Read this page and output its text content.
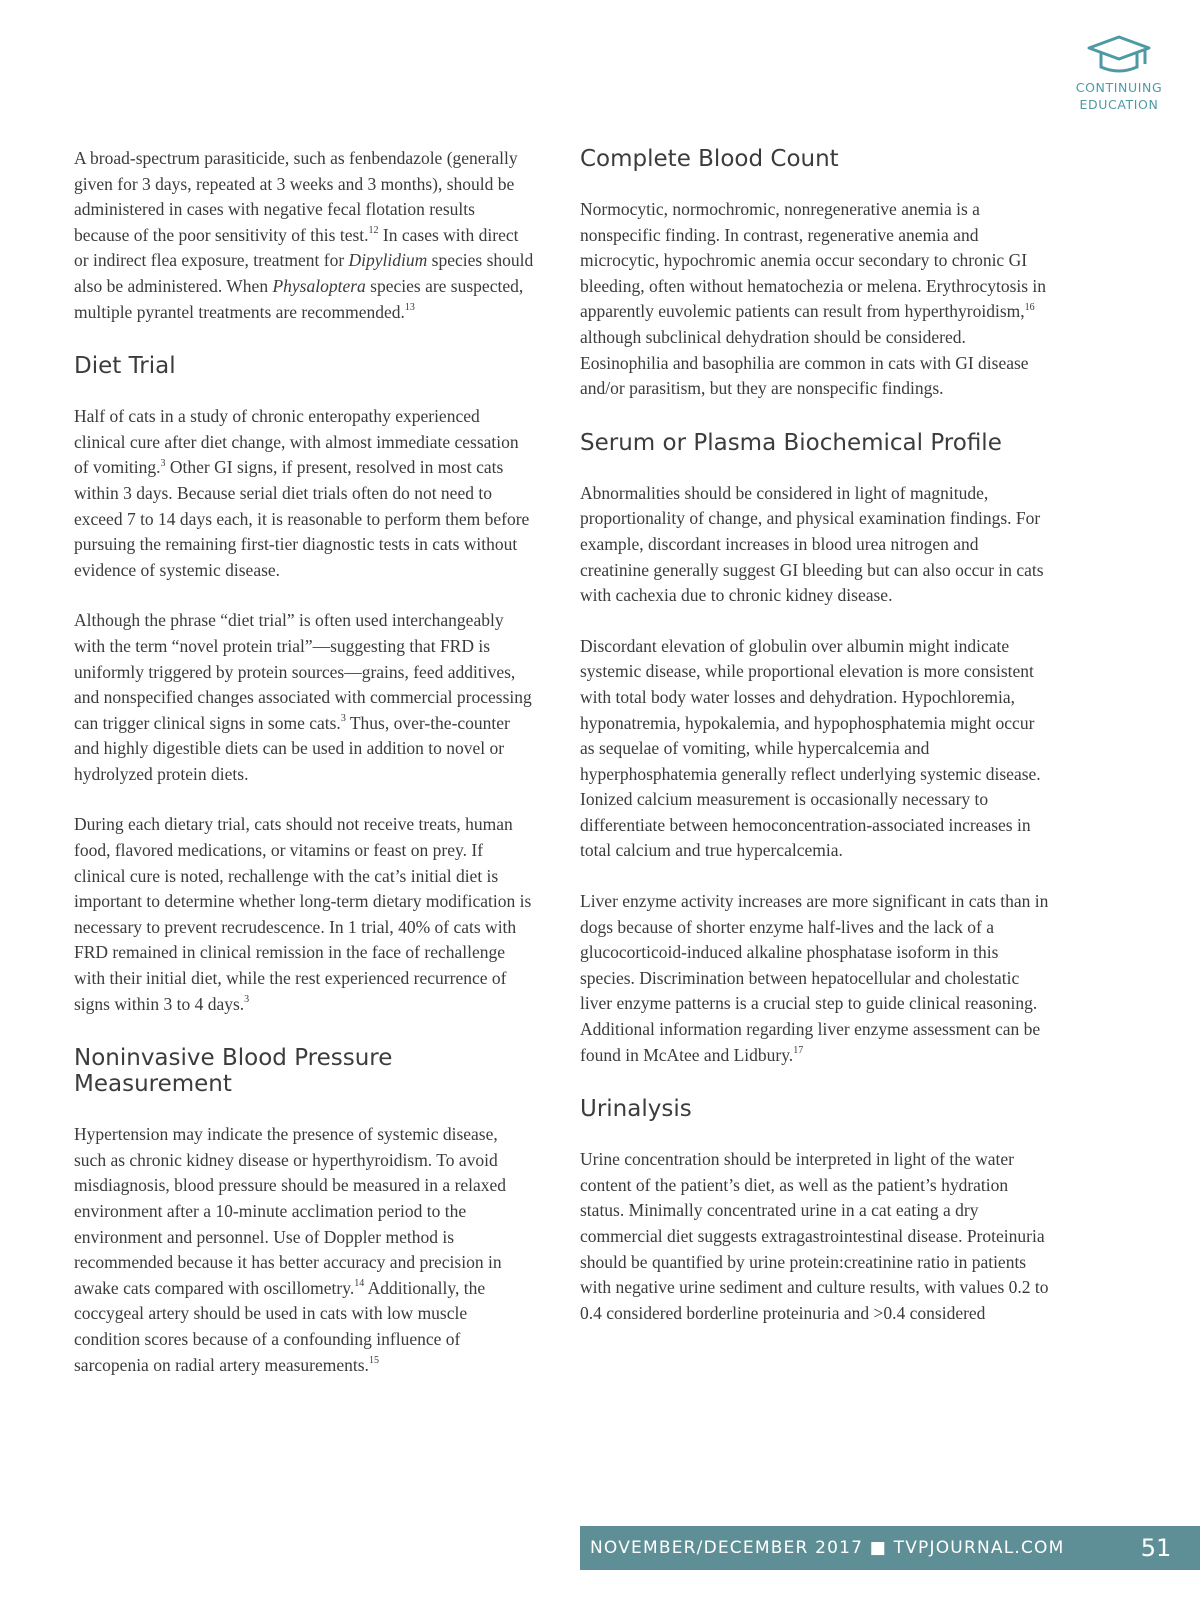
CONTINUING
EDUCATION

A broad-spectrum parasiticide, such as fenbendazole (generally given for 3 days, repeated at 3 weeks and 3 months), should be administered in cases with negative fecal flotation results because of the poor sensitivity of this test.$^{12}$ In cases with direct or indirect flea exposure, treatment for Dipylidium species should also be administered. When Physaloptera species are suspected, multiple pyrantel treatments are recommended.$^{13}$

Diet Trial

Half of cats in a study of chronic enteropathy experienced clinical cure after diet change, with almost immediate cessation of vomiting.$^3$ Other GI signs, if present, resolved in most cats within 3 days. Because serial diet trials often do not need to exceed 7 to 14 days each, it is reasonable to perform them before pursuing the remaining first-tier diagnostic tests in cats without evidence of systemic disease.

Although the phrase “diet trial” is often used interchangeably with the term “novel protein trial”—suggesting that FRD is uniformly triggered by protein sources—grains, feed additives, and nonspecified changes associated with commercial processing can trigger clinical signs in some cats.$^3$ Thus, over-the-counter and highly digestible diets can be used in addition to novel or hydrolyzed protein diets.

During each dietary trial, cats should not receive treats, human food, flavored medications, or vitamins or feast on prey. If clinical cure is noted, rechallenge with the cat’s initial diet is important to determine whether long-term dietary modification is necessary to prevent recrudescence. In 1 trial, 40% of cats with FRD remained in clinical remission in the face of rechallenge with their initial diet, while the rest experienced recurrence of signs within 3 to 4 days.$^3$

Noninvasive Blood Pressure
Measurement

Hypertension may indicate the presence of systemic disease, such as chronic kidney disease or hyperthyroidism. To avoid misdiagnosis, blood pressure should be measured in a relaxed environment after a 10-minute acclimation period to the environment and personnel. Use of Doppler method is recommended because it has better accuracy and precision in awake cats compared with oscillometry.$^{14}$ Additionally, the coccygeal artery should be used in cats with low muscle condition scores because of a confounding influence of sarcopenia on radial artery measurements.$^{15}$

Complete Blood Count

Normocytic, normochromic, nonregenerative anemia is a nonspecific finding. In contrast, regenerative anemia and microcytic, hypochromic anemia occur secondary to chronic GI bleeding, often without hematochezia or melena. Erythrocytosis in apparently euvolemic patients can result from hyperthyroidism,$^{16}$ although subclinical dehydration should be considered. Eosinophilia and basophilia are common in cats with GI disease and/or parasitism, but they are nonspecific findings.

Serum or Plasma Biochemical Profile

Abnormalities should be considered in light of magnitude, proportionality of change, and physical examination findings. For example, discordant increases in blood urea nitrogen and creatinine generally suggest GI bleeding but can also occur in cats with cachexia due to chronic kidney disease.

Discordant elevation of globulin over albumin might indicate systemic disease, while proportional elevation is more consistent with total body water losses and dehydration. Hypochloremia, hyponatremia, hypokalemia, and hypophosphatemia might occur as sequelae of vomiting, while hypercalcemia and hyperphosphatemia generally reflect underlying systemic disease. Ionized calcium measurement is occasionally necessary to differentiate between hemoconcentration-associated increases in total calcium and true hypercalcemia.

Liver enzyme activity increases are more significant in cats than in dogs because of shorter enzyme half-lives and the lack of a glucocorticoid-induced alkaline phosphatase isoform in this species. Discrimination between hepatocellular and cholestatic liver enzyme patterns is a crucial step to guide clinical reasoning. Additional information regarding liver enzyme assessment can be found in McAtee and Lidbury.$^{17}$

Urinalysis

Urine concentration should be interpreted in light of the water content of the patient’s diet, as well as the patient’s hydration status. Minimally concentrated urine in a cat eating a dry commercial diet suggests extragastrointestinal disease. Proteinuria should be quantified by urine protein:creatinine ratio in patients with negative urine sediment and culture results, with values 0.2 to 0.4 considered borderline proteinuria and >0.4 considered

NOVEMBER/DECEMBER 2017 ■ TVPJOURNAL.COM	51
